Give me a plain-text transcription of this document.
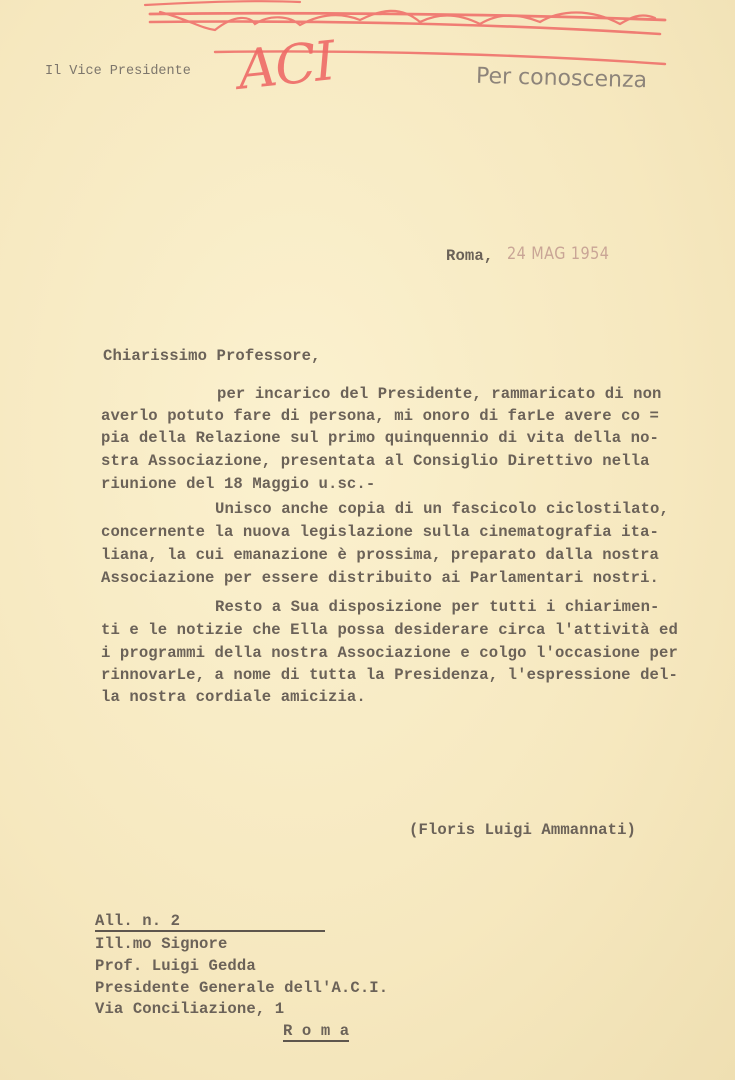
ACI
Il Vice Presidente	Per conoscenza
Roma, 24 MAG 1954
Chiarissimo Professore,
per incarico del Presidente, rammaricato di non
averlo potuto fare di persona, mi onoro di farLe avere co =
pia della Relazione sul primo quinquennio di vita della no-
stra Associazione, presentata al Consiglio Direttivo nella
riunione del 18 Maggio u.sc.-
Unisco anche copia di un fascicolo ciclostilato,
concernente la nuova legislazione sulla cinematografia ita-
liana, la cui emanazione è prossima, preparato dalla nostra
Associazione per essere distribuito ai Parlamentari nostri.
Resto a Sua disposizione per tutti i chiarimen-
ti e le notizie che Ella possa desiderare circa l'attività ed
i programmi della nostra Associazione e colgo l'occasione per
rinnovarLe, a nome di tutta la Presidenza, l'espressione del-
la nostra cordiale amicizia.
(Floris Luigi Ammannati)
All. n. 2
Ill.mo Signore
Prof. Luigi Gedda
Presidente Generale dell'A.C.I.
Via Conciliazione, 1
R o m a
